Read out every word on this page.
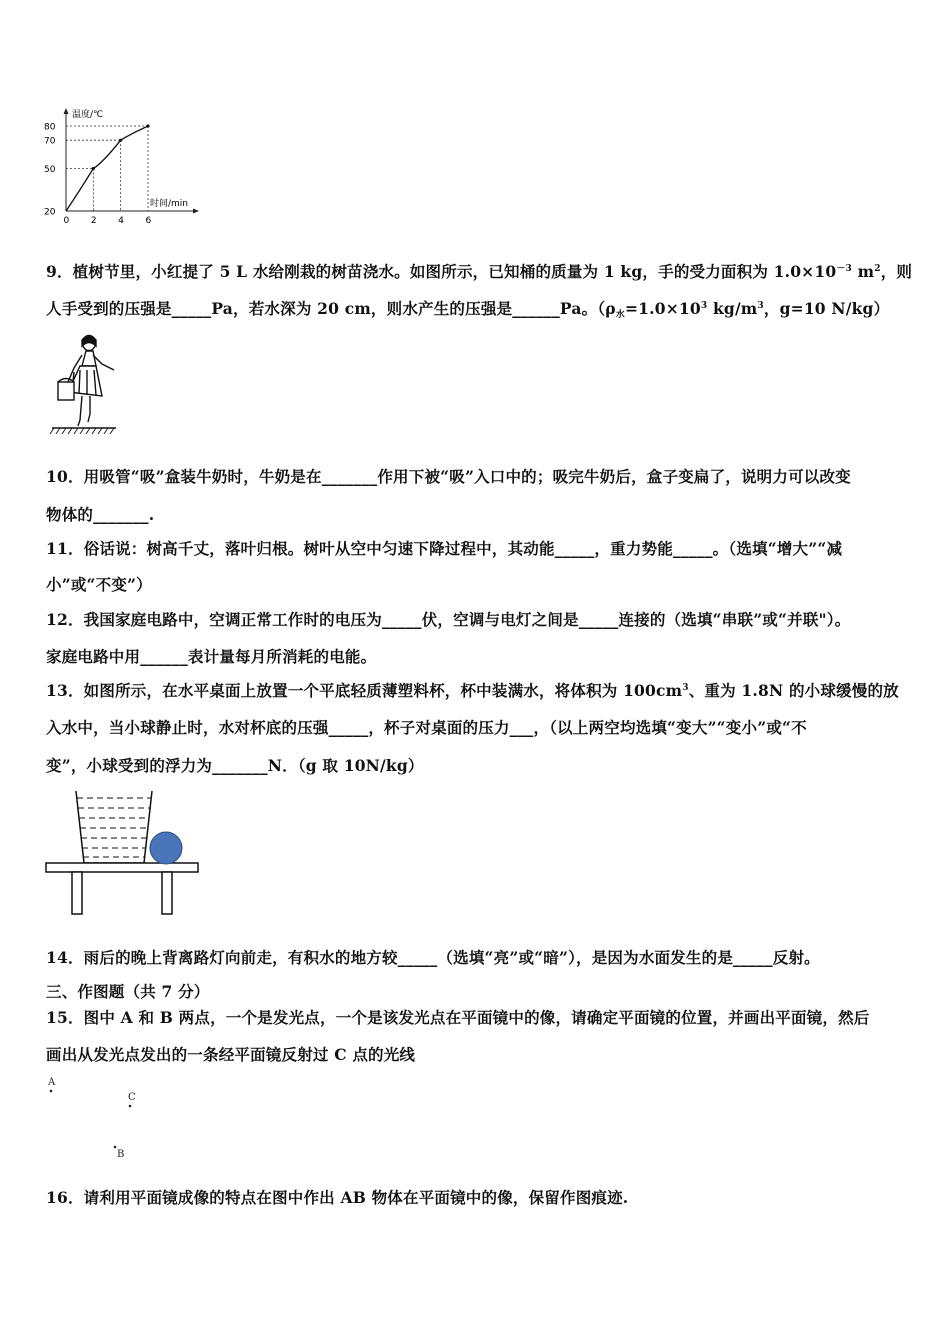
20
50
70
80
0 2 4 6
温度/℃
时间/min
9．植树节里，小红提了 5 L 水给刚栽的树苗浇水。如图所示，已知桶的质量为 1 kg，手的受力面积为 $1.0\times 10^{-3}$ $m^2$，则
人手受到的压强是_____Pa，若水深为 20 cm，则水产生的压强是______Pa。（$\rho_水=1.0\times 10^3$ $kg/m^3$，g=10 N/kg）
10．用吸管“吸”盒装牛奶时，牛奶是在_______作用下被“吸”入口中的；吸完牛奶后，盒子变扁了，说明力可以改变
物体的_______.
11．俗话说：树高千丈，落叶归根。树叶从空中匀速下降过程中，其动能_____，重力势能_____。（选填“增大”“减
小”或“不变”）
12．我国家庭电路中，空调正常工作时的电压为_____伏，空调与电灯之间是_____连接的（选填“串联”或“并联"）。
家庭电路中用______表计量每月所消耗的电能。
13．如图所示，在水平桌面上放置一个平底轻质薄塑料杯，杯中装满水，将体积为 $100cm^3$、重为 1.8N 的小球缓慢的放
入水中，当小球静止时，水对杯底的压强_____，杯子对桌面的压力___，（以上两空均选填“变大”“变小”或“不
变”，小球受到的浮力为_______N．（g 取 10N/kg）
14．雨后的晚上背离路灯向前走，有积水的地方较_____（选填“亮”或“暗”），是因为水面发生的是_____反射。
三、作图题（共 7 分）
15．图中 A 和 B 两点，一个是发光点，一个是该发光点在平面镜中的像，请确定平面镜的位置，并画出平面镜，然后
画出从发光点发出的一条经平面镜反射过 C 点的光线
A
C
B
16．请利用平面镜成像的特点在图中作出 AB 物体在平面镜中的像，保留作图痕迹.
